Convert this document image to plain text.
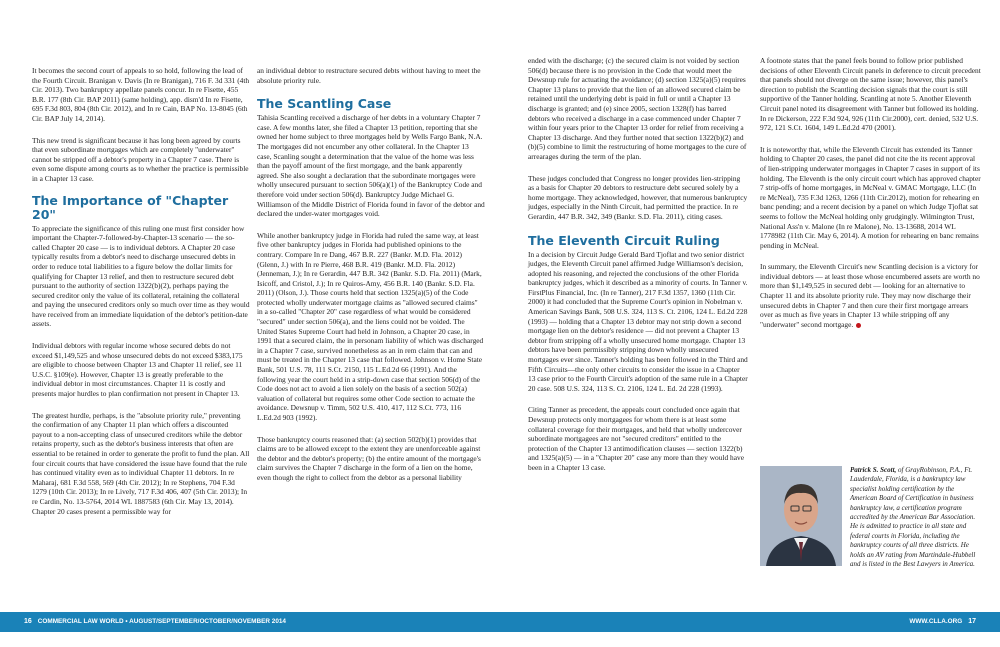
It becomes the second court of appeals to so hold, following the lead of the Fourth Circuit. Branigan v. Davis (In re Branigan), 716 F. 3d 331 (4th Cir. 2013). Two bankruptcy appellate panels concur. In re Fisette, 455 B.R. 177 (8th Cir. BAP 2011) (same holding), app. dism'd In re Fisette, 695 F.3d 803, 804 (8th Cir. 2012), and In re Cain, BAP No. 13-8045 (6th Cir. BAP July 14, 2014).

This new trend is significant because it has long been agreed by courts that even subordinate mortgages which are completely "underwater" cannot be stripped off a debtor's property in a Chapter 7 case. There is even some dispute among courts as to whether the practice is permissible in a Chapter 13 case.

The Importance of "Chapter 20"

To appreciate the significance of this ruling one must first consider how important the Chapter-7-followed-by-Chapter-13 scenario — the so-called Chapter 20 case — is to individual debtors. A Chapter 20 case typically results from a debtor's need to discharge unsecured debts in order to reduce total liabilities to a figure below the dollar limits for qualifying for Chapter 13 relief, and then to restructure secured debt pursuant to the authority of section 1322(b)(2), perhaps paying the secured creditor only the value of its collateral, retaining the collateral and paying the unsecured creditors only so much over time as they would have received from an immediate liquidation of the debtor's petition-date assets.

Individual debtors with regular income whose secured debts do not exceed $1,149,525 and whose unsecured debts do not exceed $383,175 are eligible to choose between Chapter 13 and Chapter 11 relief, see 11 U.S.C. §109(e). However, Chapter 13 is greatly preferable to the individual debtor in most circumstances. Chapter 11 is costly and presents major hurdles to plan confirmation not present in Chapter 13.

The greatest hurdle, perhaps, is the "absolute priority rule," preventing the confirmation of any Chapter 11 plan which offers a discounted payout to a non-accepting class of unsecured creditors while the debtor retains property, such as the debtor's business interests that often are essential to be retained in order to generate the profit to fund the plan. All four circuit courts that have considered the issue have found that the rule has continued vitality even as to individual Chapter 11 debtors. In re Maharaj, 681 F.3d 558, 569 (4th Cir. 2012); In re Stephens, 704 F.3d 1279 (10th Cir. 2013); In re Lively, 717 F.3d 406, 407 (5th Cir. 2013); In re Cardin, No. 13-5764, 2014 WL 1887583 (6th Cir. May 13, 2014). Chapter 20 cases present a permissible way for

an individual debtor to restructure secured debts without having to meet the absolute priority rule.

The Scantling Case

Tahisia Scantling received a discharge of her debts in a voluntary Chapter 7 case. A few months later, she filed a Chapter 13 petition, reporting that she owned her home subject to three mortgages held by Wells Fargo Bank, N.A. The mortgages did not encumber any other collateral. In the Chapter 13 case, Scanling sought a determination that the value of the home was less than the payoff amount of the first mortgage, and the bank apparently agreed. She also sought a declaration that the subordinate mortgages were wholly unsecured pursuant to section 506(a)(1) of the Bankruptcy Code and therefore void under section 506(d). Bankruptcy Judge Michael G. Williamson of the Middle District of Florida found in favor of the debtor and declared the under-water mortgages void.

While another bankruptcy judge in Florida had ruled the same way, at least five other bankruptcy judges in Florida had published opinions to the contrary. Compare In re Dang, 467 B.R. 227 (Bankr. M.D. Fla. 2012) (Glenn, J.) with In re Pierre, 468 B.R. 419 (Bankr. M.D. Fla. 2012) (Jenneman, J.); In re Gerardin, 447 B.R. 342 (Bankr. S.D. Fla. 2011) (Mark, Isicoff, and Cristol, J.); In re Quiros-Amy, 456 B.R. 140 (Bankr. S.D. Fla. 2011) (Olson, J.). Those courts held that section 1325(a)(5) of the Code protected wholly underwater mortgage claims as "allowed secured claims" in a so-called "Chapter 20" case regardless of what would be considered "secured" under section 506(a), and the liens could not be voided. The United States Supreme Court had held in Johnson, a Chapter 20 case, in 1991 that a secured claim, the in personam liability of which was discharged in a Chapter 7 case, survived nonetheless as an in rem claim that can and must be treated in the Chapter 13 case that followed. Johnson v. Home State Bank, 501 U.S. 78, 111 S.Ct. 2150, 115 L.Ed.2d 66 (1991). And the following year the court held in a strip-down case that section 506(d) of the Code does not act to avoid a lien solely on the basis of a section 502(a) valuation of collateral but requires some other Code section to actuate the avoidance. Dewsnup v. Timm, 502 U.S. 410, 417, 112 S.Ct. 773, 116 L.Ed.2d 903 (1992).

Those bankruptcy courts reasoned that: (a) section 502(b)(1) provides that claims are to be allowed except to the extent they are unenforceable against the debtor and the debtor's property; (b) the entire amount of the mortgage's claim survives the Chapter 7 discharge in the form of a lien on the home, even though the right to collect from the debtor as a personal liability

ended with the discharge; (c) the secured claim is not voided by section 506(d) because there is no provision in the Code that would meet the Dewsnup rule for actuating the avoidance; (d) section 1325(a)(5) requires Chapter 13 plans to provide that the lien of an allowed secured claim be retained until the underlying debt is paid in full or until a Chapter 13 discharge is granted; and (e) since 2005, section 1328(f) has barred debtors who received a discharge in a case commenced under Chapter 7 within four years prior to the Chapter 13 order for relief from receiving a Chapter 13 discharge. And they further noted that section 1322(b)(2) and (b)(5) combine to limit the restructuring of home mortgages to the cure of arrearages during the term of the plan.

These judges concluded that Congress no longer provides lien-stripping as a basis for Chapter 20 debtors to restructure debt secured solely by a home mortgage. They acknowledged, however, that numerous bankruptcy judges, especially in the Ninth Circuit, had permitted the practice. In re Gerardin, 447 B.R. 342, 349 (Bankr. S.D. Fla. 2011), citing cases.

The Eleventh Circuit Ruling

In a decision by Circuit Judge Gerald Bard Tjoflat and two senior district judges, the Eleventh Circuit panel affirmed Judge Williamson's decision, adopted his reasoning, and rejected the conclusions of the other Florida bankruptcy judges, which it described as a minority of courts. In Tanner v. FirstPlus Financial, Inc. (In re Tanner), 217 F.3d 1357, 1360 (11th Cir. 2000) it had concluded that the Supreme Court's opinion in Nobelman v. American Savings Bank, 508 U.S. 324, 113 S. Ct. 2106, 124 L. Ed.2d 228 (1993) — holding that a Chapter 13 debtor may not strip down a second mortgage lien on the debtor's residence — did not prevent a Chapter 13 debtor from stripping off a wholly unsecured home mortgage. Chapter 13 debtors have been permissibly stripping down wholly unsecured mortgages ever since. Tanner's holding has been followed in the Third and Fifth Circuits—the only other circuits to consider the issue in a Chapter 13 case prior to the Fourth Circuit's adoption of the same rule in a Chapter 20 case. 508 U.S. 324, 113 S. Ct. 2106, 124 L. Ed. 2d 228 (1993).

Citing Tanner as precedent, the appeals court concluded once again that Dewsnup protects only mortgagees for whom there is at least some collateral coverage for their mortgages, and held that wholly undercover subordinate mortgagees are not "secured creditors" entitled to the protection of the Chapter 13 antimodification clauses — section 1322(b) and 1325(a)(5) — in a "Chapter 20" case any more than they would have been in a Chapter 13 case.

A footnote states that the panel feels bound to follow prior published decisions of other Eleventh Circuit panels in deference to circuit precedent that panels should not diverge on the same issue; however, this panel's direction to publish the Scantling decision signals that the court is still supportive of the Tanner holding. Scantling at note 5. Another Eleventh Circuit panel noted its disagreement with Tanner but followed its holding. In re Dickerson, 222 F.3d 924, 926 (11th Cir.2000), cert. denied, 532 U.S. 972, 121 S.Ct. 1604, 149 L.Ed.2d 470 (2001).

It is noteworthy that, while the Eleventh Circuit has extended its Tanner holding to Chapter 20 cases, the panel did not cite the its recent approval of lien-stripping underwater mortgages in Chapter 7 cases in support of its holding. The Eleventh is the only circuit court which has approved chapter 7 strip-offs of home mortgages, in McNeal v. GMAC Mortgage, LLC (In re McNeal), 735 F.3d 1263, 1266 (11th Cir.2012), motion for rehearing en banc pending; and a recent decision by a panel on which Judge Tjoflat sat seems to follow the McNeal holding only grudgingly. Wilmington Trust, National Ass'n v. Malone (In re Malone), No. 13-13688, 2014 WL 1778982 (11th Cir. May 6, 2014). A motion for rehearing en banc remains pending in McNeal.

In summary, the Eleventh Circuit's new Scantling decision is a victory for individual debtors — at least those whose encumbered assets are worth no more than $1,149,525 in secured debt — looking for an alternative to Chapter 11 and its absolute priority rule. They may now discharge their unsecured debts in Chapter 7 and then cure their first mortgage arrears over as much as five years in Chapter 13 while stripping off any "underwater" second mortgage.

Patrick S. Scott, of GrayRobinson, P.A., Ft. Lauderdale, Florida, is a bankruptcy law specialist holding certification by the American Board of Certification in business bankruptcy law, a certification program accredited by the American Bar Association. He is admitted to practice in all state and federal courts in Florida, including the bankruptcy courts of all three districts. He holds an AV rating from Martindale-Hubbell and is listed in the Best Lawyers in America.

16 COMMERCIAL LAW WORLD • AUGUST/SEPTEMBER/OCTOBER/NOVEMBER 2014	WWW.CLLA.ORG 17
